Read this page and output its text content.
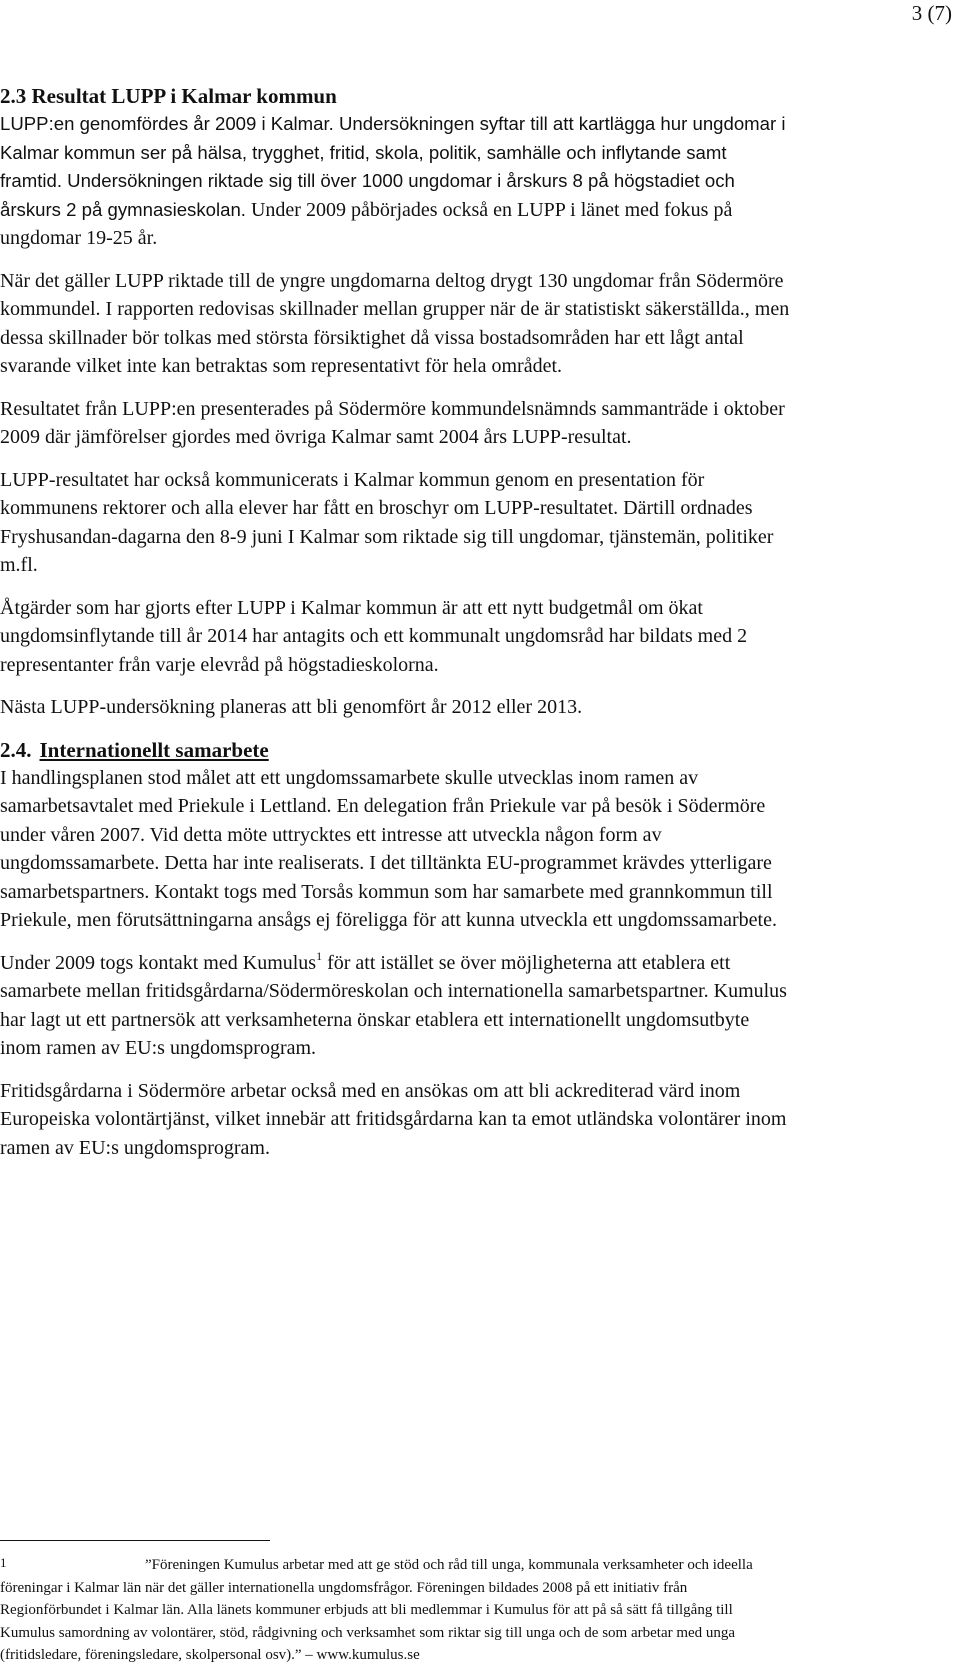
3 (7)
2.3 Resultat LUPP i Kalmar kommun

LUPP:en genomfördes år 2009 i Kalmar. Undersökningen syftar till att kartlägga hur ungdomar i Kalmar kommun ser på hälsa, trygghet, fritid, skola, politik, samhälle och inflytande samt framtid. Undersökningen riktade sig till över 1000 ungdomar i årskurs 8 på högstadiet och årskurs 2 på gymnasieskolan. Under 2009 påbörjades också en LUPP i länet med fokus på ungdomar 19-25 år.

När det gäller LUPP riktade till de yngre ungdomarna deltog drygt 130 ungdomar från Södermöre kommundel. I rapporten redovisas skillnader mellan grupper när de är statistiskt säkerställda., men dessa skillnader bör tolkas med största försiktighet då vissa bostadsområden har ett lågt antal svarande vilket inte kan betraktas som representativt för hela området.

Resultatet från LUPP:en presenterades på Södermöre kommundelsnämnds sammanträde i oktober 2009 där jämförelser gjordes med övriga Kalmar samt 2004 års LUPP-resultat.

LUPP-resultatet har också kommunicerats i Kalmar kommun genom en presentation för kommunens rektorer och alla elever har fått en broschyr om LUPP-resultatet. Därtill ordnades Fryshusandan-dagarna den 8-9 juni I Kalmar som riktade sig till ungdomar, tjänstemän, politiker m.fl.

Åtgärder som har gjorts efter LUPP i Kalmar kommun är att ett nytt budgetmål om ökat ungdomsinflytande till år 2014 har antagits och ett kommunalt ungdomsråd har bildats med 2 representanter från varje elevråd på högstadieskolorna.

Nästa LUPP-undersökning planeras att bli genomfört år 2012 eller 2013.

2.4. Internationellt samarbete

I handlingsplanen stod målet att ett ungdomssamarbete skulle utvecklas inom ramen av samarbetsavtalet med Priekule i Lettland. En delegation från Priekule var på besök i Södermöre under våren 2007. Vid detta möte uttrycktes ett intresse att utveckla någon form av ungdomssamarbete. Detta har inte realiserats. I det tilltänkta EU-programmet krävdes ytterligare samarbetspartners. Kontakt togs med Torsås kommun som har samarbete med grannkommun till Priekule, men förutsättningarna ansågs ej föreligga för att kunna utveckla ett ungdomssamarbete.

Under 2009 togs kontakt med Kumulus$^1$ för att istället se över möjligheterna att etablera ett samarbete mellan fritidsgårdarna/Södermöreskolan och internationella samarbetspartner. Kumulus har lagt ut ett partnersök att verksamheterna önskar etablera ett internationellt ungdomsutbyte inom ramen av EU:s ungdomsprogram.

Fritidsgårdarna i Södermöre arbetar också med en ansökas om att bli ackrediterad värd inom Europeiska volontärtjänst, vilket innebär att fritidsgårdarna kan ta emot utländska volontärer inom ramen av EU:s ungdomsprogram.

1	”Föreningen Kumulus arbetar med att ge stöd och råd till unga, kommunala verksamheter och ideella föreningar i Kalmar län när det gäller internationella ungdomsfrågor. Föreningen bildades 2008 på ett initiativ från Regionförbundet i Kalmar län. Alla länets kommuner erbjuds att bli medlemmar i Kumulus för att på så sätt få tillgång till Kumulus samordning av volontärer, stöd, rådgivning och verksamhet som riktar sig till unga och de som arbetar med unga (fritidsledare, föreningsledare, skolpersonal osv).” – www.kumulus.se
